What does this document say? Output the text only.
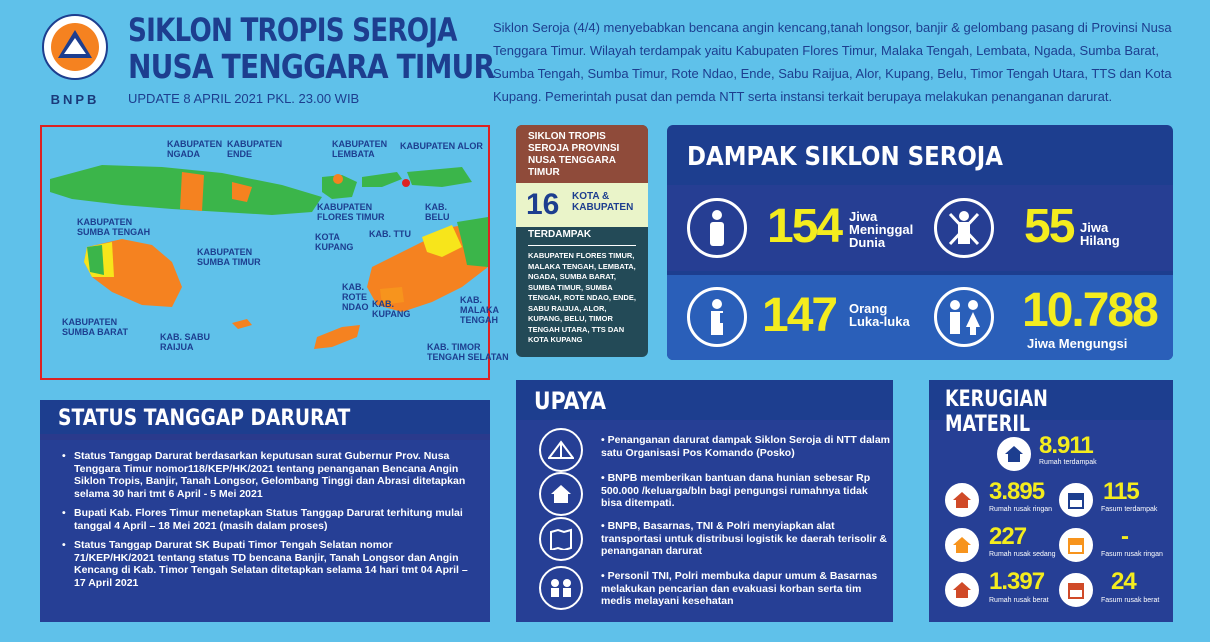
BNPB
SIKLON TROPIS SEROJA
NUSA TENGGARA TIMUR
UPDATE 8 APRIL 2021 PKL. 23.00 WIB
Siklon Seroja (4/4) menyebabkan bencana angin kencang,tanah longsor, banjir & gelombang pasang di Provinsi Nusa Tenggara Timur. Wilayah terdampak yaitu Kabupaten Flores Timur, Malaka Tengah, Lembata, Ngada, Sumba Barat, Sumba Tengah, Sumba Timur, Rote Ndao, Ende, Sabu Raijua, Alor, Kupang, Belu, Timor Tengah Utara, TTS dan Kota Kupang. Pemerintah pusat dan pemda NTT serta instansi terkait berupaya melakukan penanganan darurat.
KABUPATEN
NGADA
KABUPATEN
ENDE
KABUPATEN
LEMBATA
KABUPATEN ALOR
KABUPATEN
FLORES TIMUR
KABUPATEN
SUMBA TENGAH
KABUPATEN
SUMBA TIMUR
KABUPATEN
SUMBA BARAT	KAB. SABU
RAIJUA
KOTA
KUPANG
KAB. TTU
KAB.
BELU
KAB.
ROTE
NDAO KAB.
KUPANG
KAB.
MALAKA
TENGAH
KAB. TIMOR
TENGAH SELATAN
SIKLON TROPIS SEROJA PROVINSI NUSA TENGGARA TIMUR
16 KOTA & KABUPATEN
TERDAMPAK
KABUPATEN FLORES TIMUR, MALAKA TENGAH, LEMBATA, NGADA, SUMBA BARAT, SUMBA TIMUR, SUMBA TENGAH, ROTE NDAO, ENDE, SABU RAIJUA, ALOR, KUPANG, BELU, TIMOR TENGAH UTARA, TTS DAN KOTA KUPANG
DAMPAK SIKLON SEROJA
154 Jiwa
Meninggal
Dunia	55 Jiwa
Hilang
147 Orang
Luka-luka 10.788
Jiwa Mengungsi
STATUS TANGGAP DARURAT
• Status Tanggap Darurat berdasarkan keputusan surat Gubernur Prov. Nusa Tenggara Timur nomor118/KEP/HK/2021 tentang penanganan Bencana Angin Siklon Tropis, Banjir, Tanah Longsor, Gelombang Tinggi dan Abrasi ditetapkan selama 30 hari tmt 6 April - 5 Mei 2021
• Bupati Kab. Flores Timur menetapkan Status Tanggap Darurat terhitung mulai tanggal 4 April – 18 Mei 2021 (masih dalam proses)
• Status Tanggap Darurat SK Bupati Timor Tengah Selatan nomor 71/KEP/HK/2021 tentang status TD bencana Banjir, Tanah Longsor dan Angin Kencang di Kab. Timor Tengah Selatan ditetapkan selama 14 hari tmt 04 April – 17 April 2021
UPAYA
• Penanganan darurat dampak Siklon Seroja di NTT dalam satu Organisasi Pos Komando (Posko)
• BNPB memberikan bantuan dana hunian sebesar Rp 500.000 /keluarga/bln bagi pengungsi rumahnya tidak bisa ditempati.
• BNPB, Basarnas, TNI & Polri menyiapkan alat transportasi untuk distribusi logistik ke daerah terisolir & penanganan darurat
• Personil TNI, Polri membuka dapur umum & Basarnas melakukan pencarian dan evakuasi korban serta tim medis melayani kesehatan
KERUGIAN MATERIL
8.911
Rumah terdampak
3.895
Rumah rusak ringan
115
Fasum terdampak
227
Rumah rusak sedang
-
Fasum rusak ringan
1.397
Rumah rusak berat
24
Fasum rusak berat
